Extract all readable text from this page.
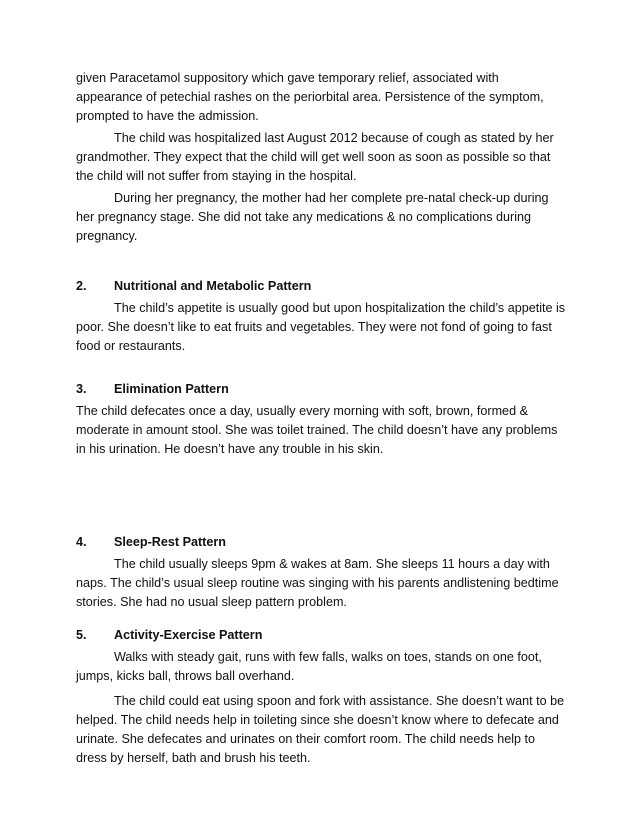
given Paracetamol suppository which gave temporary relief, associated with appearance of petechial rashes on the periorbital area. Persistence of the symptom, prompted to have the admission.

The child was hospitalized last August 2012 because of cough as stated by her grandmother. They expect that the child will get well soon as soon as possible so that the child will not suffer from staying in the hospital.

During her pregnancy, the mother had her complete pre-natal check-up during her pregnancy stage. She did not take any medications & no complications during pregnancy.

2.	Nutritional and Metabolic Pattern

The child’s appetite is usually good but upon hospitalization the child’s appetite is poor. She doesn’t like to eat fruits and vegetables. They were not fond of going to fast food or restaurants.

3.	Elimination Pattern

The child defecates once a day, usually every morning with soft, brown, formed & moderate in amount stool. She was toilet trained. The child doesn’t have any problems in his urination. He doesn’t have any trouble in his skin.

4.	Sleep-Rest Pattern

The child usually sleeps 9pm & wakes at 8am. She sleeps 11 hours a day with naps. The child’s usual sleep routine was singing with his parents andlistening bedtime stories. She had no usual sleep pattern problem.

5.	Activity-Exercise Pattern

Walks with steady gait, runs with few falls, walks on toes, stands on one foot, jumps, kicks ball, throws ball overhand.

The child could eat using spoon and fork with assistance. She doesn’t want to be helped. The child needs help in toileting since she doesn’t know where to defecate and urinate. She defecates and urinates on their comfort room. The child needs help to dress by herself, bath and brush his teeth.
